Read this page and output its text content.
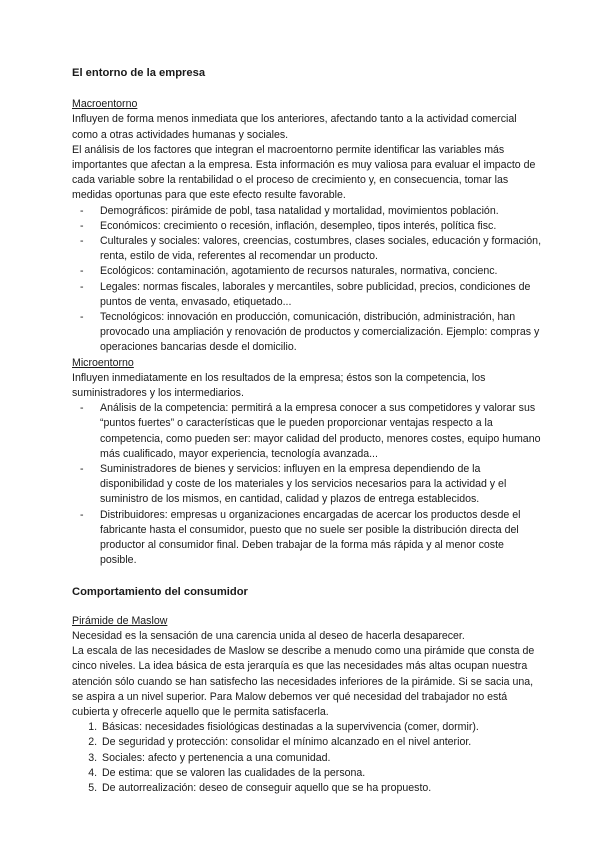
El entorno de la empresa

Macroentorno

Influyen de forma menos inmediata que los anteriores, afectando tanto a la actividad comercial como a otras actividades humanas y sociales.

El análisis de los factores que integran el macroentorno permite identificar las variables más importantes que afectan a la empresa. Esta información es muy valiosa para evaluar el impacto de cada variable sobre la rentabilidad o el proceso de crecimiento y, en consecuencia, tomar las medidas oportunas para que este efecto resulte favorable.

- Demográficos: pirámide de pobl, tasa natalidad y mortalidad, movimientos población.
- Económicos: crecimiento o recesión, inflación, desempleo, tipos interés, política fisc.
- Culturales y sociales: valores, creencias, costumbres, clases sociales, educación y formación, renta, estilo de vida, referentes al recomendar un producto.
- Ecológicos: contaminación, agotamiento de recursos naturales, normativa, concienc.
- Legales: normas fiscales, laborales y mercantiles, sobre publicidad, precios, condiciones de puntos de venta, envasado, etiquetado...
- Tecnológicos: innovación en producción, comunicación, distribución, administración, han provocado una ampliación y renovación de productos y comercialización. Ejemplo: compras y operaciones bancarias desde el domicilio.

Microentorno

Influyen inmediatamente en los resultados de la empresa; éstos son la competencia, los suministradores y los intermediarios.

- Análisis de la competencia: permitirá a la empresa conocer a sus competidores y valorar sus “puntos fuertes” o características que le pueden proporcionar ventajas respecto a la competencia, como pueden ser: mayor calidad del producto, menores costes, equipo humano más cualificado, mayor experiencia, tecnología avanzada...
- Suministradores de bienes y servicios: influyen en la empresa dependiendo de la disponibilidad y coste de los materiales y los servicios necesarios para la actividad y el suministro de los mismos, en cantidad, calidad y plazos de entrega establecidos.
- Distribuidores: empresas u organizaciones encargadas de acercar los productos desde el fabricante hasta el consumidor, puesto que no suele ser posible la distribución directa del productor al consumidor final. Deben trabajar de la forma más rápida y al menor coste posible.

Comportamiento del consumidor

Pirámide de Maslow

Necesidad es la sensación de una carencia unida al deseo de hacerla desaparecer.

La escala de las necesidades de Maslow se describe a menudo como una pirámide que consta de cinco niveles. La idea básica de esta jerarquía es que las necesidades más altas ocupan nuestra atención sólo cuando se han satisfecho las necesidades inferiores de la pirámide. Si se sacia una, se aspira a un nivel superior. Para Malow debemos ver qué necesidad del trabajador no está cubierta y ofrecerle aquello que le permita satisfacerla.

1. Básicas: necesidades fisiológicas destinadas a la supervivencia (comer, dormir).
2. De seguridad y protección: consolidar el mínimo alcanzado en el nivel anterior.
3. Sociales: afecto y pertenencia a una comunidad.
4. De estima: que se valoren las cualidades de la persona.
5. De autorrealización: deseo de conseguir aquello que se ha propuesto.
